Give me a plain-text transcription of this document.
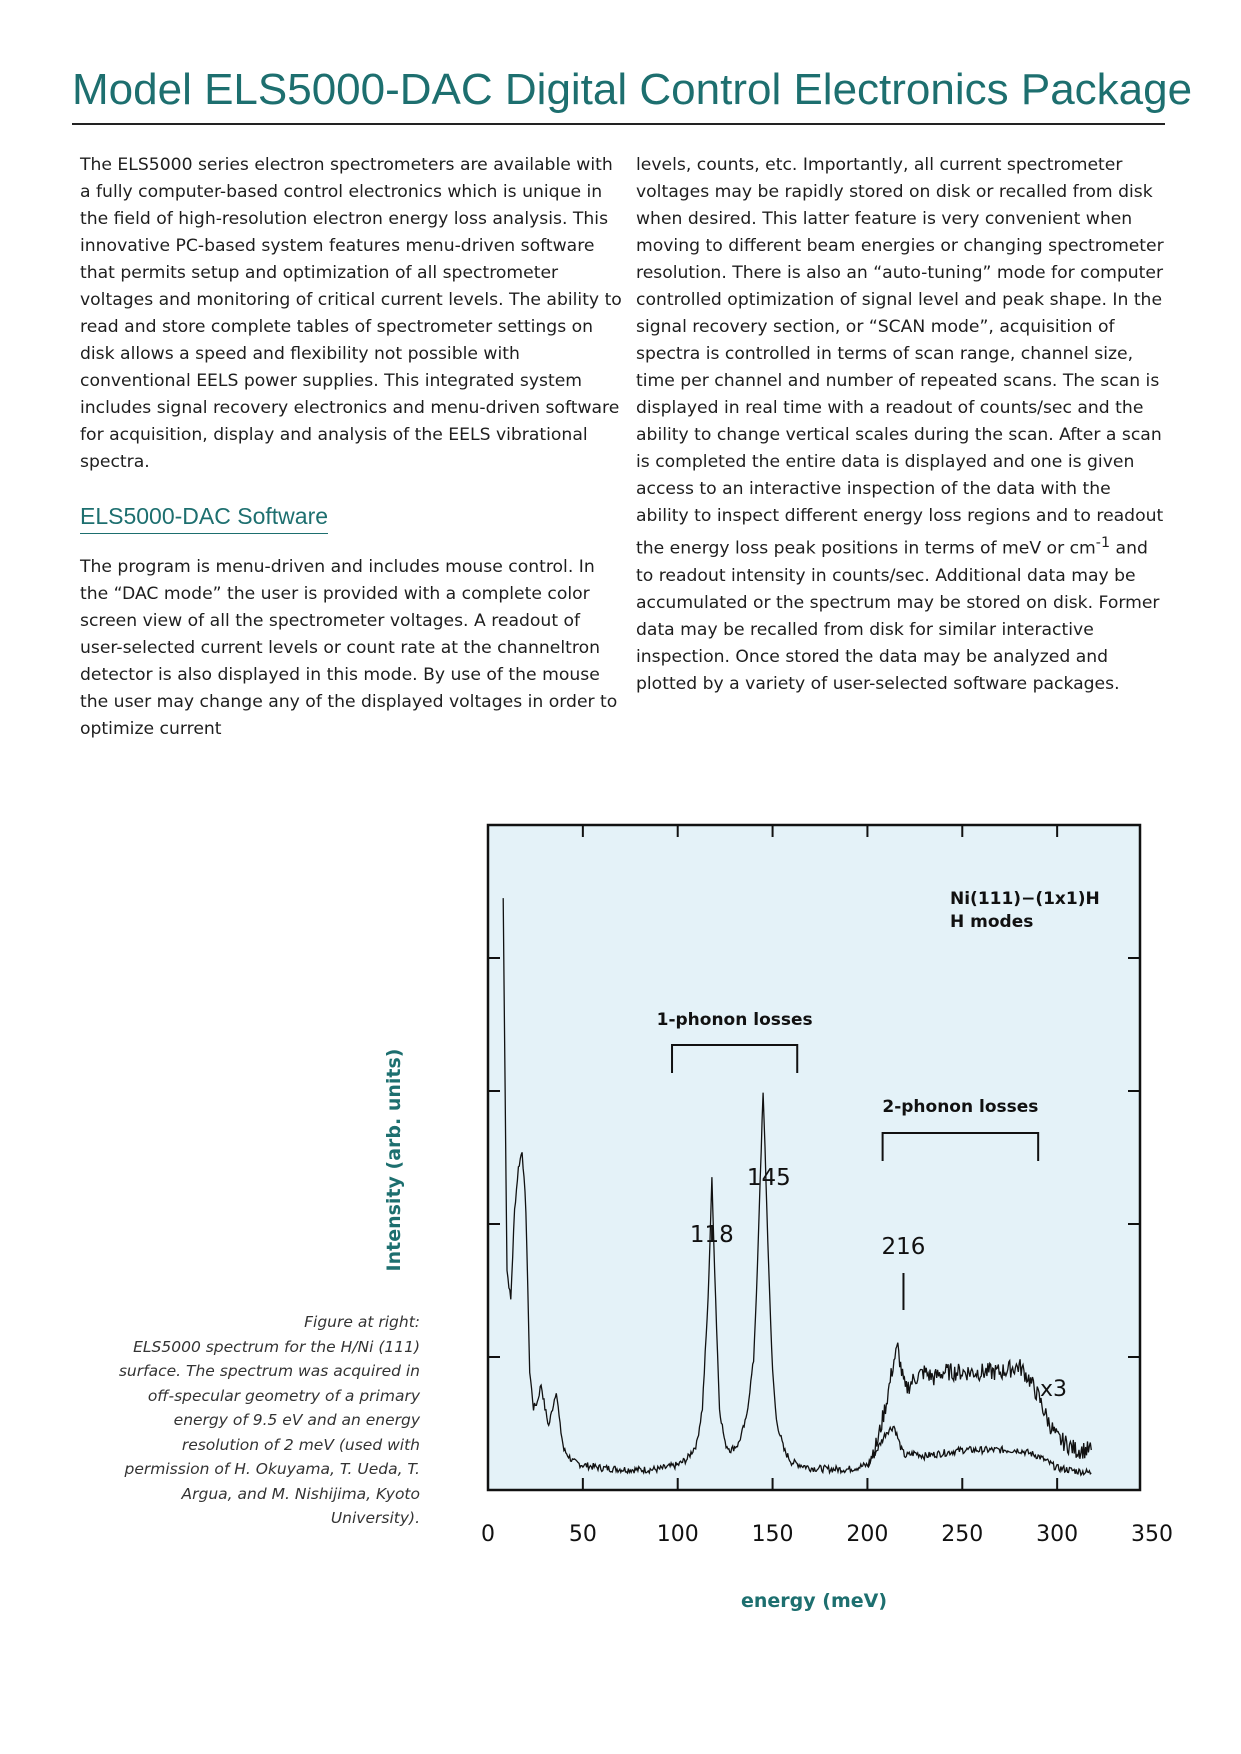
Model ELS5000-DAC Digital Control Electronics Package

The ELS5000 series electron spectrometers are available with a fully computer-based control electronics which is unique in the field of high-resolution electron energy loss analysis. This innovative PC-based system features menu-driven software that permits setup and optimization of all spectrometer voltages and monitoring of critical current levels. The ability to read and store complete tables of spectrometer settings on disk allows a speed and flexibility not possible with conventional EELS power supplies. This integrated system includes signal recovery electronics and menu-driven software for acquisition, display and analysis of the EELS vibrational spectra.

ELS5000-DAC Software

The program is menu-driven and includes mouse control. In the “DAC mode” the user is provided with a complete color screen view of all the spectrometer voltages. A readout of user-selected current levels or count rate at the channeltron detector is also displayed in this mode. By use of the mouse the user may change any of the displayed voltages in order to optimize current

levels, counts, etc. Importantly, all current spectrometer voltages may be rapidly stored on disk or recalled from disk when desired. This latter feature is very convenient when moving to different beam energies or changing spectrometer resolution. There is also an “auto-tuning” mode for computer controlled optimization of signal level and peak shape. In the signal recovery section, or “SCAN mode”, acquisition of spectra is controlled in terms of scan range, channel size, time per channel and number of repeated scans. The scan is displayed in real time with a readout of counts/sec and the ability to change vertical scales during the scan. After a scan is completed the entire data is displayed and one is given access to an interactive inspection of the data with the ability to inspect different energy loss regions and to readout the energy loss peak positions in terms of meV or $cm^{-1}$ and to readout intensity in counts/sec. Additional data may be accumulated or the spectrum may be stored on disk. Former data may be recalled from disk for similar interactive inspection. Once stored the data may be analyzed and plotted by a variety of user-selected software packages.

Figure at right:
ELS5000 spectrum for the H/Ni (111) surface. The spectrum was acquired in off-specular geometry of a primary energy of 9.5 eV and an energy resolution of 2 meV (used with permission of H. Okuyama, T. Ueda, T. Argua, and M. Nishijima, Kyoto University).
0	50	100 150 200 250 300 350
Ni(111)−(1x1)H
H modes
1-phonon losses
2-phonon losses
118
145
216
x3
Intensity (arb. units)
energy (meV)
